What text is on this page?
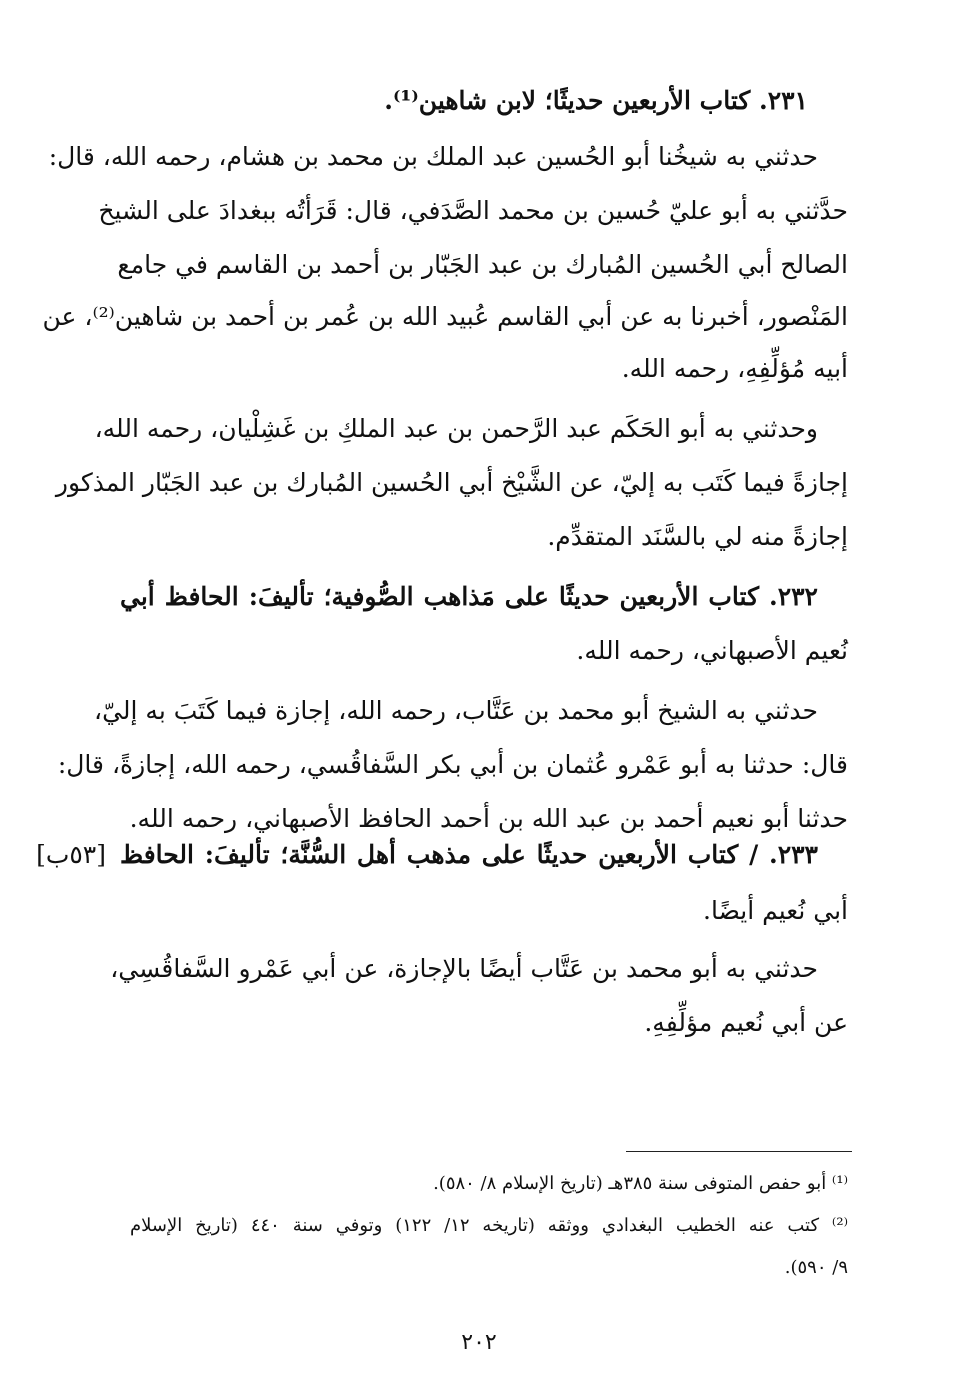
٢٣١. كتاب الأربعين حديثًا؛ لابن شاهين⁽¹⁾.
حدثني به شيخُنا أبو الحُسين عبد الملك بن محمد بن هشام، رحمه الله، قال:
حدَّثني به أبو عليّ حُسين بن محمد الصَّدَفي، قال: قَرَأتُه ببغدادَ على الشيخ
الصالح أبي الحُسين المُبارك بن عبد الجَبّار بن أحمد بن القاسم في جامع
المَنْصور، أخبرنا به عن أبي القاسم عُبيد الله بن عُمر بن أحمد بن شاهين⁽²⁾، عن
أبيه مُؤلِّفِهِ، رحمه الله.
وحدثني به أبو الحَكَم عبد الرَّحمن بن عبد الملكِ بن غَشِلْيان، رحمه الله،
إجازةً فيما كَتَب به إليّ، عن الشَّيْخ أبي الحُسين المُبارك بن عبد الجَبّار المذكور
إجازةً منه لي بالسَّنَد المتقدِّم.
٢٣٢. كتاب الأربعين حديثًا على مَذاهب الصُّوفية؛ تأليفَ: الحافظ أبي
نُعيم الأصبهاني، رحمه الله.
حدثني به الشيخ أبو محمد بن عَتَّاب، رحمه الله، إجازة فيما كَتَبَ به إليّ،
قال: حدثنا به أبو عَمْرو عُثمان بن أبي بكر السَّفاقُسي، رحمه الله، إجازةً، قال:
حدثنا أبو نعيم أحمد بن عبد الله بن أحمد الحافظ الأصبهاني، رحمه الله.
[٥٣ب] ٢٣٣. / كتاب الأربعين حديثًا على مذهب أهل السُّنَّة؛ تأليفَ: الحافظ
أبي نُعيم أيضًا.
حدثني به أبو محمد بن عَتَّاب أيضًا بالإجازة، عن أبي عَمْرو السَّفاقُسِي،
عن أبي نُعيم مؤلِّفِهِ.
⁽¹⁾ أبو حفص المتوفى سنة ٣٨٥هـ (تاريخ الإسلام ٨/ ٥٨٠).
⁽²⁾ كتب عنه الخطيب البغدادي ووثقه (تاريخه ١٢/ ١٢٢) وتوفي سنة ٤٤٠ (تاريخ الإسلام
٩/ ٥٩٠).
٢٠٢
